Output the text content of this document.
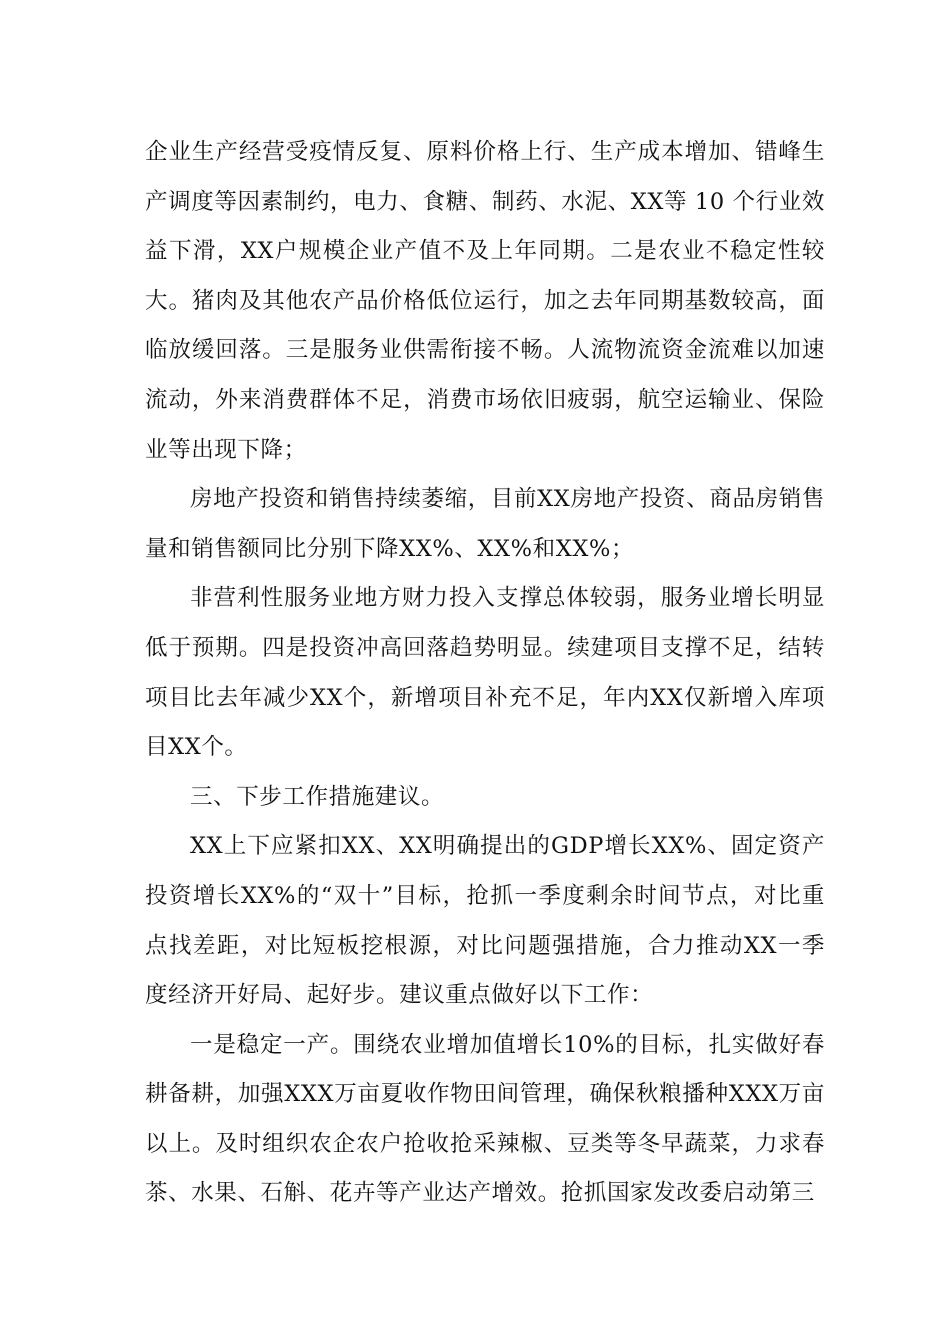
企业生产经营受疫情反复、原料价格上行、生产成本增加、错峰生产调度等因素制约，电力、食糖、制药、水泥、XX等 10 个行业效益下滑，XX户规模企业产值不及上年同期。二是农业不稳定性较大。猪肉及其他农产品价格低位运行，加之去年同期基数较高，面临放缓回落。三是服务业供需衔接不畅。人流物流资金流难以加速流动，外来消费群体不足，消费市场依旧疲弱，航空运输业、保险业等出现下降；

房地产投资和销售持续萎缩，目前XX房地产投资、商品房销售量和销售额同比分别下降XX%、XX%和XX%；

非营利性服务业地方财力投入支撑总体较弱，服务业增长明显低于预期。四是投资冲高回落趋势明显。续建项目支撑不足，结转项目比去年减少XX个，新增项目补充不足，年内XX仅新增入库项目XX个。

三、下步工作措施建议。

XX上下应紧扣XX、XX明确提出的GDP增长XX%、固定资产投资增长XX%的“双十”目标，抢抓一季度剩余时间节点，对比重点找差距，对比短板挖根源，对比问题强措施，合力推动XX一季度经济开好局、起好步。建议重点做好以下工作：

一是稳定一产。围绕农业增加值增长10%的目标，扎实做好春耕备耕，加强XXX万亩夏收作物田间管理，确保秋粮播种XXX万亩以上。及时组织农企农户抢收抢采辣椒、豆类等冬早蔬菜，力求春茶、水果、石斛、花卉等产业达产增效。抢抓国家发改委启动第三
